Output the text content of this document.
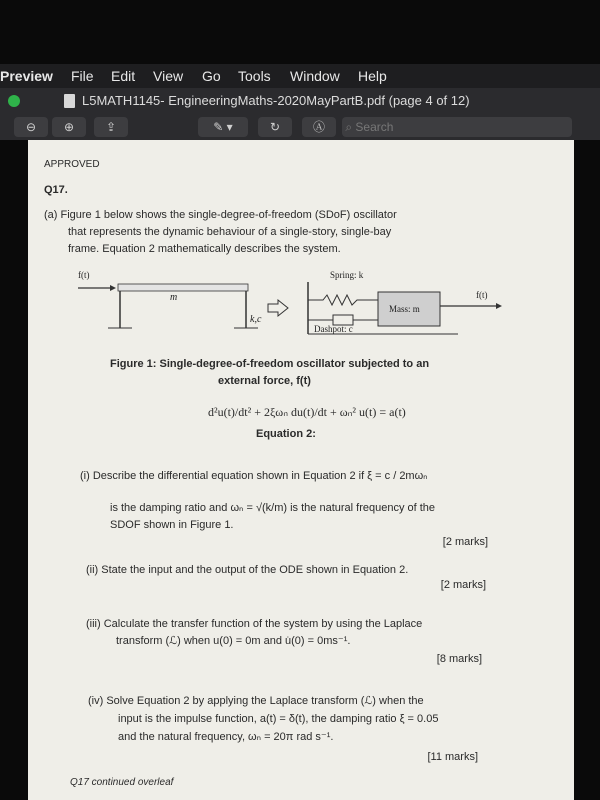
Preview File Edit View Go Tools Window Help
L5MATH1145- EngineeringMaths-2020MayPartB.pdf (page 4 of 12)
⊖	⊕	⇪	✎ ▾	↻	Ⓐ	⌕ Search
APPROVED
Q17.
(a) Figure 1 below shows the single-degree-of-freedom (SDoF) oscillator
that represents the dynamic behaviour of a single-story, single-bay
frame. Equation 2 mathematically describes the system.
f(t)
m
k,c
Spring: k
Mass: m
Dashpot: c
f(t)
Figure 1: Single-degree-of-freedom oscillator subjected to an
external force, f(t)
d²u(t)/dt² + 2ξωₙ du(t)/dt + ωₙ² u(t) = a(t)
Equation 2:
(i) Describe the differential equation shown in Equation 2 if ξ = c / 2mωₙ
is the damping ratio and ωₙ = √(k/m) is the natural frequency of the
SDOF shown in Figure 1.
[2 marks]
(ii) State the input and the output of the ODE shown in Equation 2.
[2 marks]
(iii) Calculate the transfer function of the system by using the Laplace
transform (ℒ) when u(0) = 0m and u̇(0) = 0ms⁻¹.
[8 marks]
(iv) Solve Equation 2 by applying the Laplace transform (ℒ) when the
input is the impulse function, a(t) = δ(t), the damping ratio ξ = 0.05
and the natural frequency, ωₙ = 20π rad s⁻¹.
[11 marks]
Q17 continued overleaf
